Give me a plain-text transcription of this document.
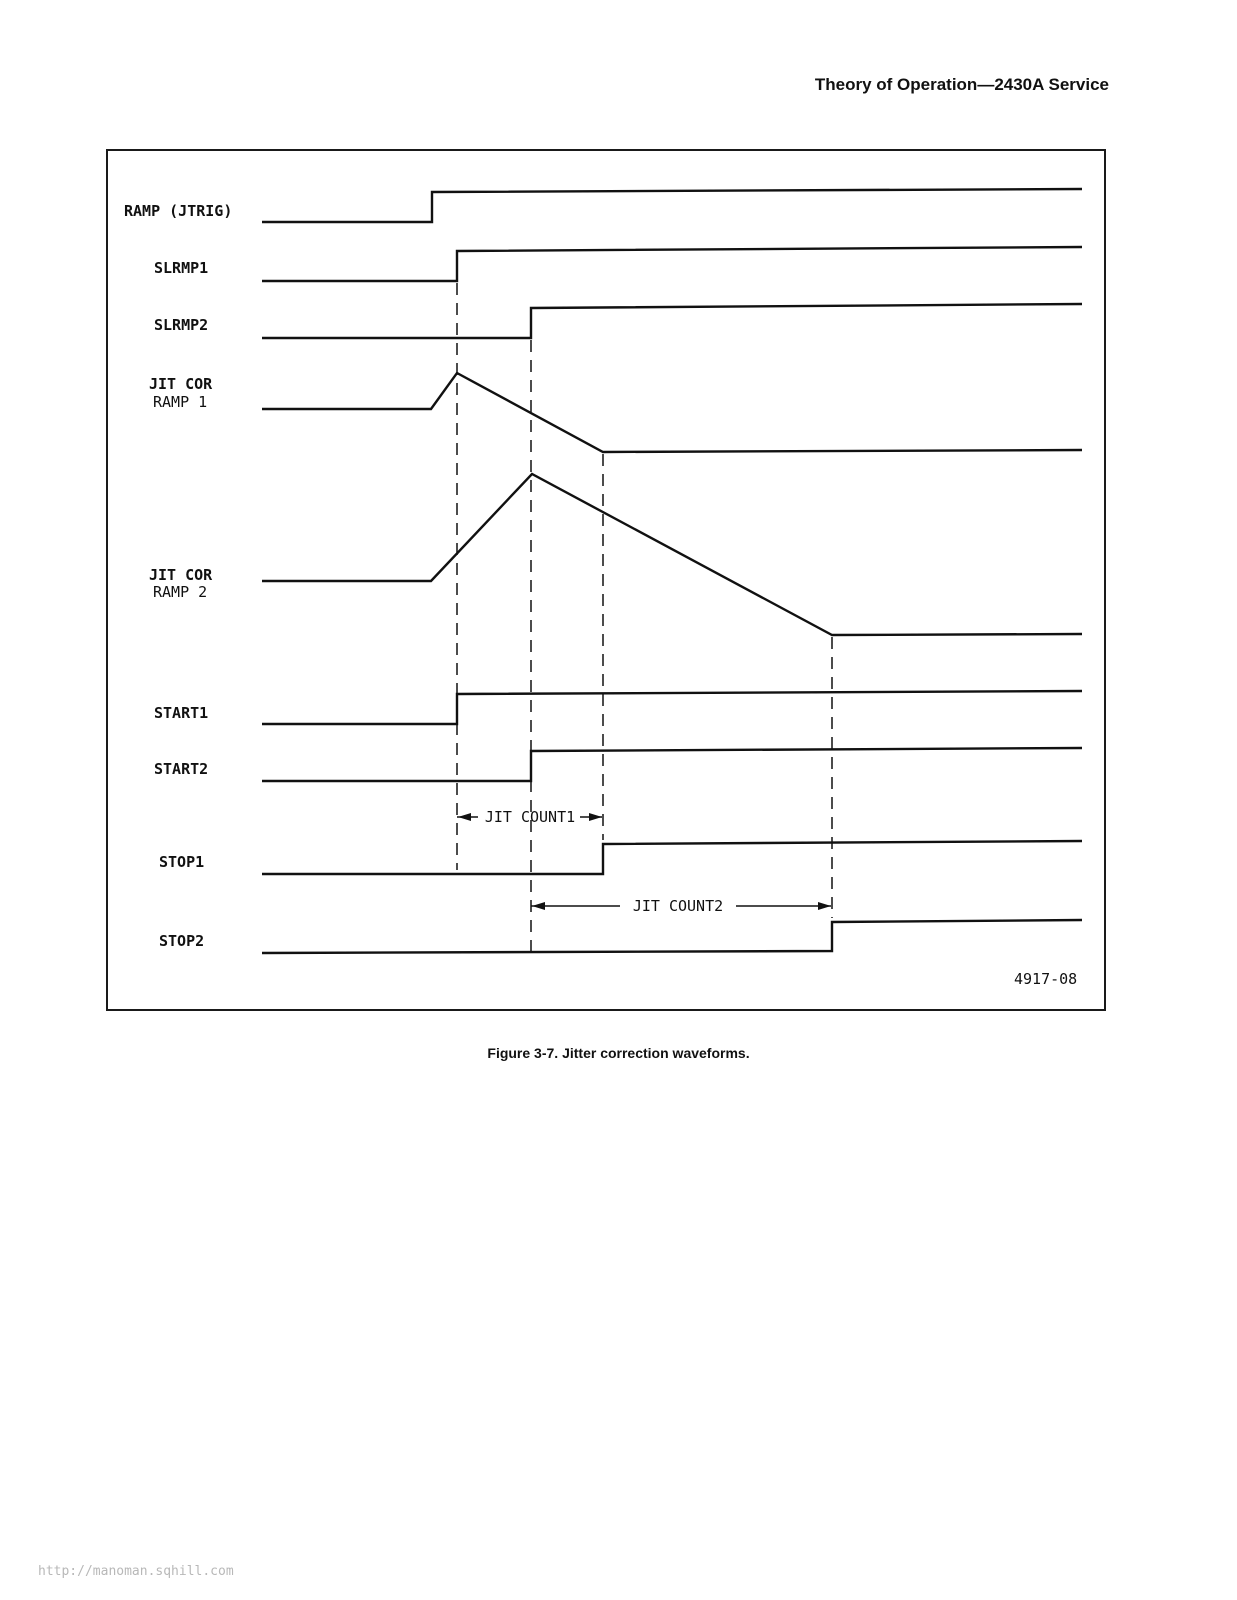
Theory of Operation—2430A Service
RAMP (JTRIG)
SLRMP1
SLRMP2
JIT COR
RAMP 1
JIT COR
RAMP 2
START1
START2
STOP1
STOP2
JIT COUNT1
JIT COUNT2
4917-08
Figure 3-7. Jitter correction waveforms.
http://manoman.sqhill.com
